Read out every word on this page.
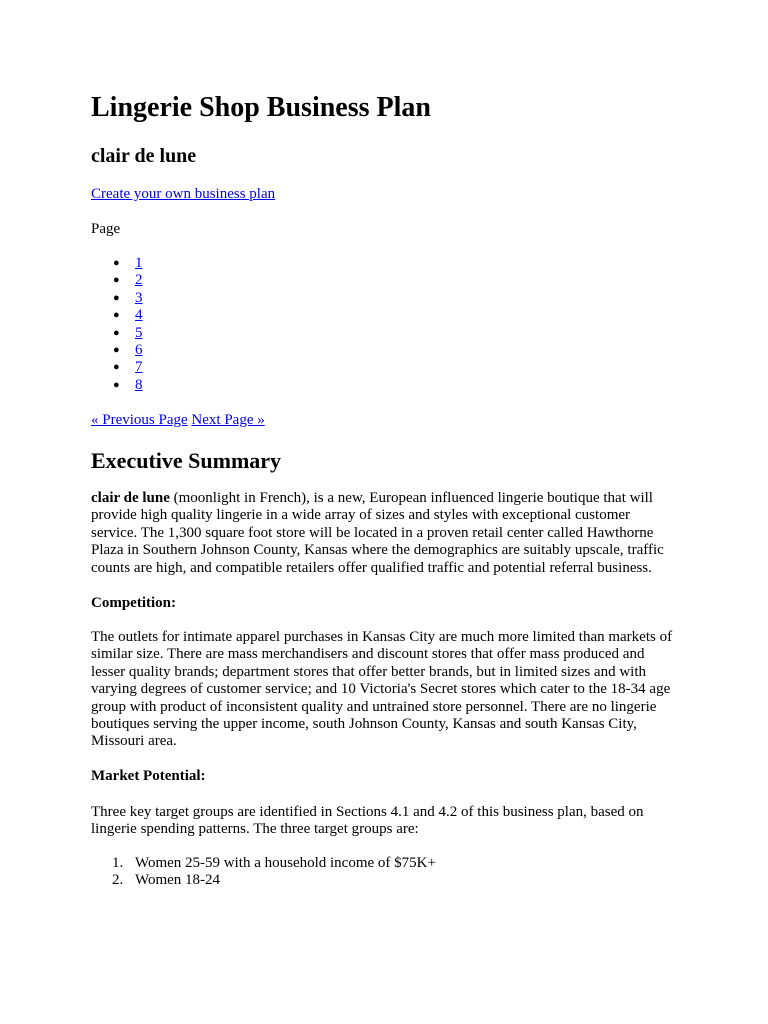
Lingerie Shop Business Plan
clair de lune
Create your own business plan
Page
● 1
● 2
● 3
● 4
● 5
● 6
● 7
● 8
« Previous Page Next Page »
Executive Summary

clair de lune (moonlight in French), is a new, European influenced lingerie boutique that will
provide high quality lingerie in a wide array of sizes and styles with exceptional customer
service. The 1,300 square foot store will be located in a proven retail center called Hawthorne
Plaza in Southern Johnson County, Kansas where the demographics are suitably upscale, traffic
counts are high, and compatible retailers offer qualified traffic and potential referral business.

Competition:

The outlets for intimate apparel purchases in Kansas City are much more limited than markets of
similar size. There are mass merchandisers and discount stores that offer mass produced and
lesser quality brands; department stores that offer better brands, but in limited sizes and with
varying degrees of customer service; and 10 Victoria's Secret stores which cater to the 18-34 age
group with product of inconsistent quality and untrained store personnel. There are no lingerie
boutiques serving the upper income, south Johnson County, Kansas and south Kansas City,
Missouri area.

Market Potential:

Three key target groups are identified in Sections 4.1 and 4.2 of this business plan, based on
lingerie spending patterns. The three target groups are:

1. Women 25-59 with a household income of $75K+
2. Women 18-24
